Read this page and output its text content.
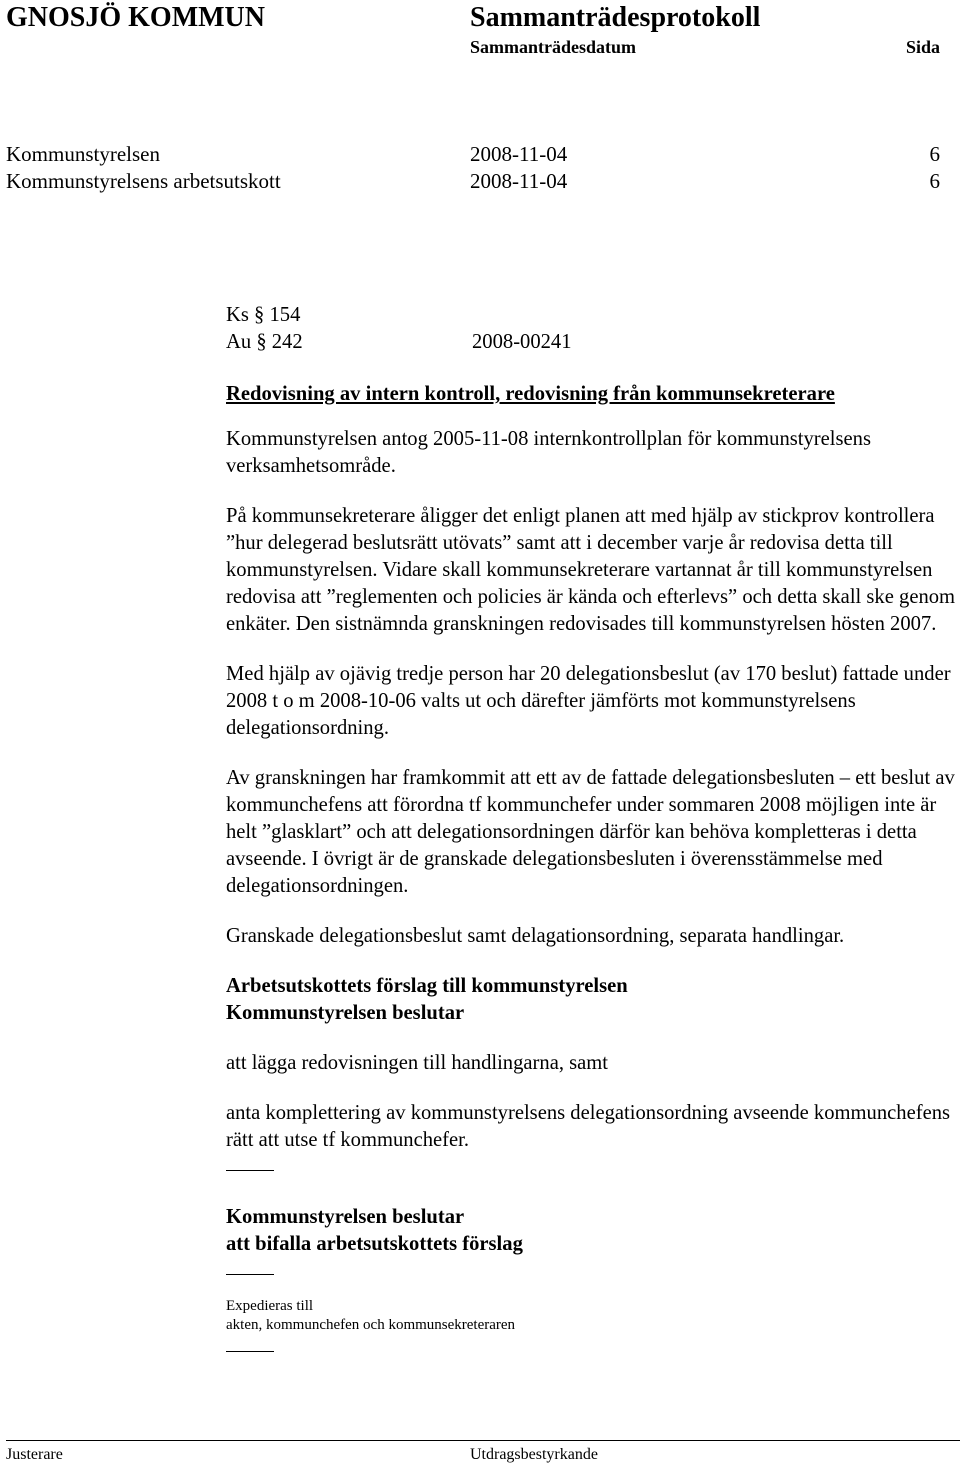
GNOSJÖ KOMMUN	Sammanträdesprotokoll
Sammanträdesdatum	Sida
Kommunstyrelsen	2008-11-04	6
Kommunstyrelsens arbetsutskott	2008-11-04	6

Ks § 154

Au § 242	2008-00241

Redovisning av intern kontroll, redovisning från kommunsekreterare

Kommunstyrelsen antog 2005-11-08 internkontrollplan för kommunstyrelsens verksamhetsområde.

På kommunsekreterare åligger det enligt planen att med hjälp av stickprov kontrollera ”hur delegerad beslutsrätt utövats” samt att i december varje år redovisa detta till kommunstyrelsen. Vidare skall kommunsekreterare vartannat år till kommunstyrelsen redovisa att ”reglementen och policies är kända och efterlevs” och detta skall ske genom enkäter. Den sistnämnda granskningen redovisades till kommunstyrelsen hösten 2007.

Med hjälp av ojävig tredje person har 20 delegationsbeslut (av 170 beslut) fattade under 2008 t o m 2008-10-06 valts ut och därefter jämförts mot kommunstyrelsens delegationsordning.

Av granskningen har framkommit att ett av de fattade delegationsbesluten – ett beslut av kommunchefens att förordna tf kommunchefer under sommaren 2008 möjligen inte är helt ”glasklart” och att delegationsordningen därför kan behöva kompletteras i detta avseende. I övrigt är de granskade delegationsbesluten i överensstämmelse med delegationsordningen.

Granskade delegationsbeslut samt delagationsordning, separata handlingar.

Arbetsutskottets förslag till kommunstyrelsen

Kommunstyrelsen beslutar

att lägga redovisningen till handlingarna, samt

anta komplettering av kommunstyrelsens delegationsordning avseende kommunchefens rätt att utse tf kommunchefer.

Kommunstyrelsen beslutar

att bifalla arbetsutskottets förslag

Expedieras till

akten, kommunchefen och kommunsekreteraren

Justerare	Utdragsbestyrkande
